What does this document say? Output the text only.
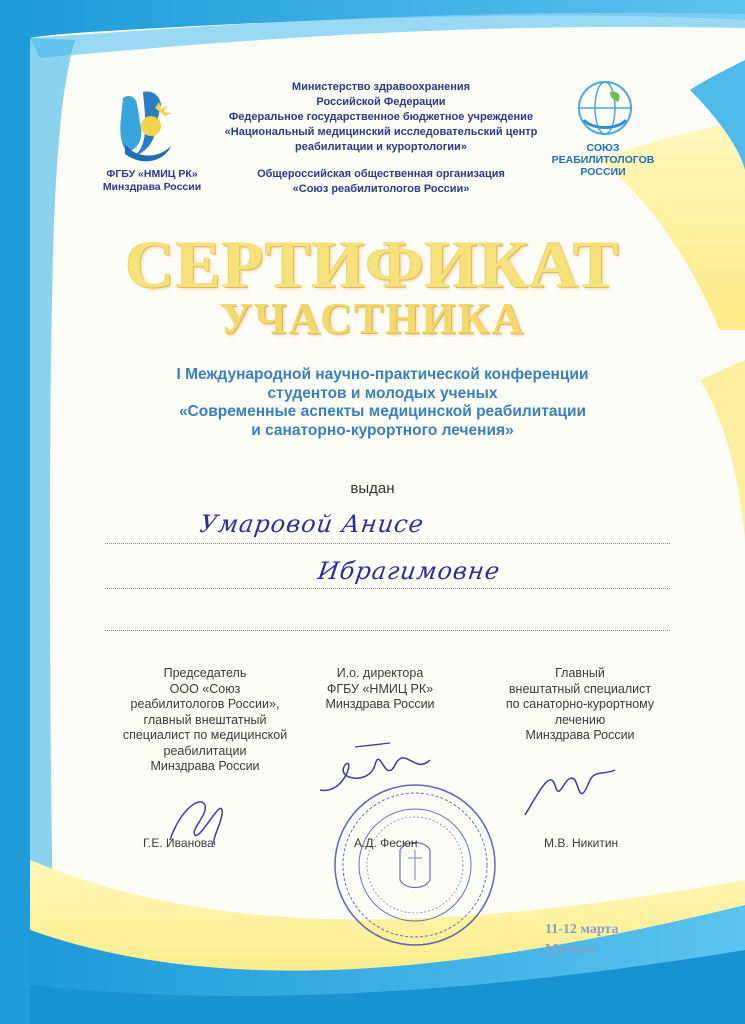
ФГБУ «НМИЦ РК»
Минздрава России
Министерство здравоохранения
Российской Федерации
Федеральное государственное бюджетное учреждение
«Национальный медицинский исследовательский центр
реабилитации и курортологии»
Общероссийская общественная организация
«Союз реабилитологов России»
СОЮЗ
РЕАБИЛИТОЛОГОВ
РОССИИ
СЕРТИФИКАТ
УЧАСТНИКА
I Международной научно-практической конференции
студентов и молодых ученых
«Современные аспекты медицинской реабилитации
и санаторно-курортного лечения»
выдан
Умаровой Анисе
Ибрагимовне
Председатель
ООО «Союз
реабилитологов России»,
главный внештатный
специалист по медицинской
реабилитации
Минздрава России
И.о. директора
ФГБУ «НМИЦ РК»
Минздрава России
Главный
внештатный специалист
по санаторно-курортному
лечению
Минздрава России
Г.Е. Иванова	А.Д. Фесюн	М.В. Никитин
11-12 марта
Москва
